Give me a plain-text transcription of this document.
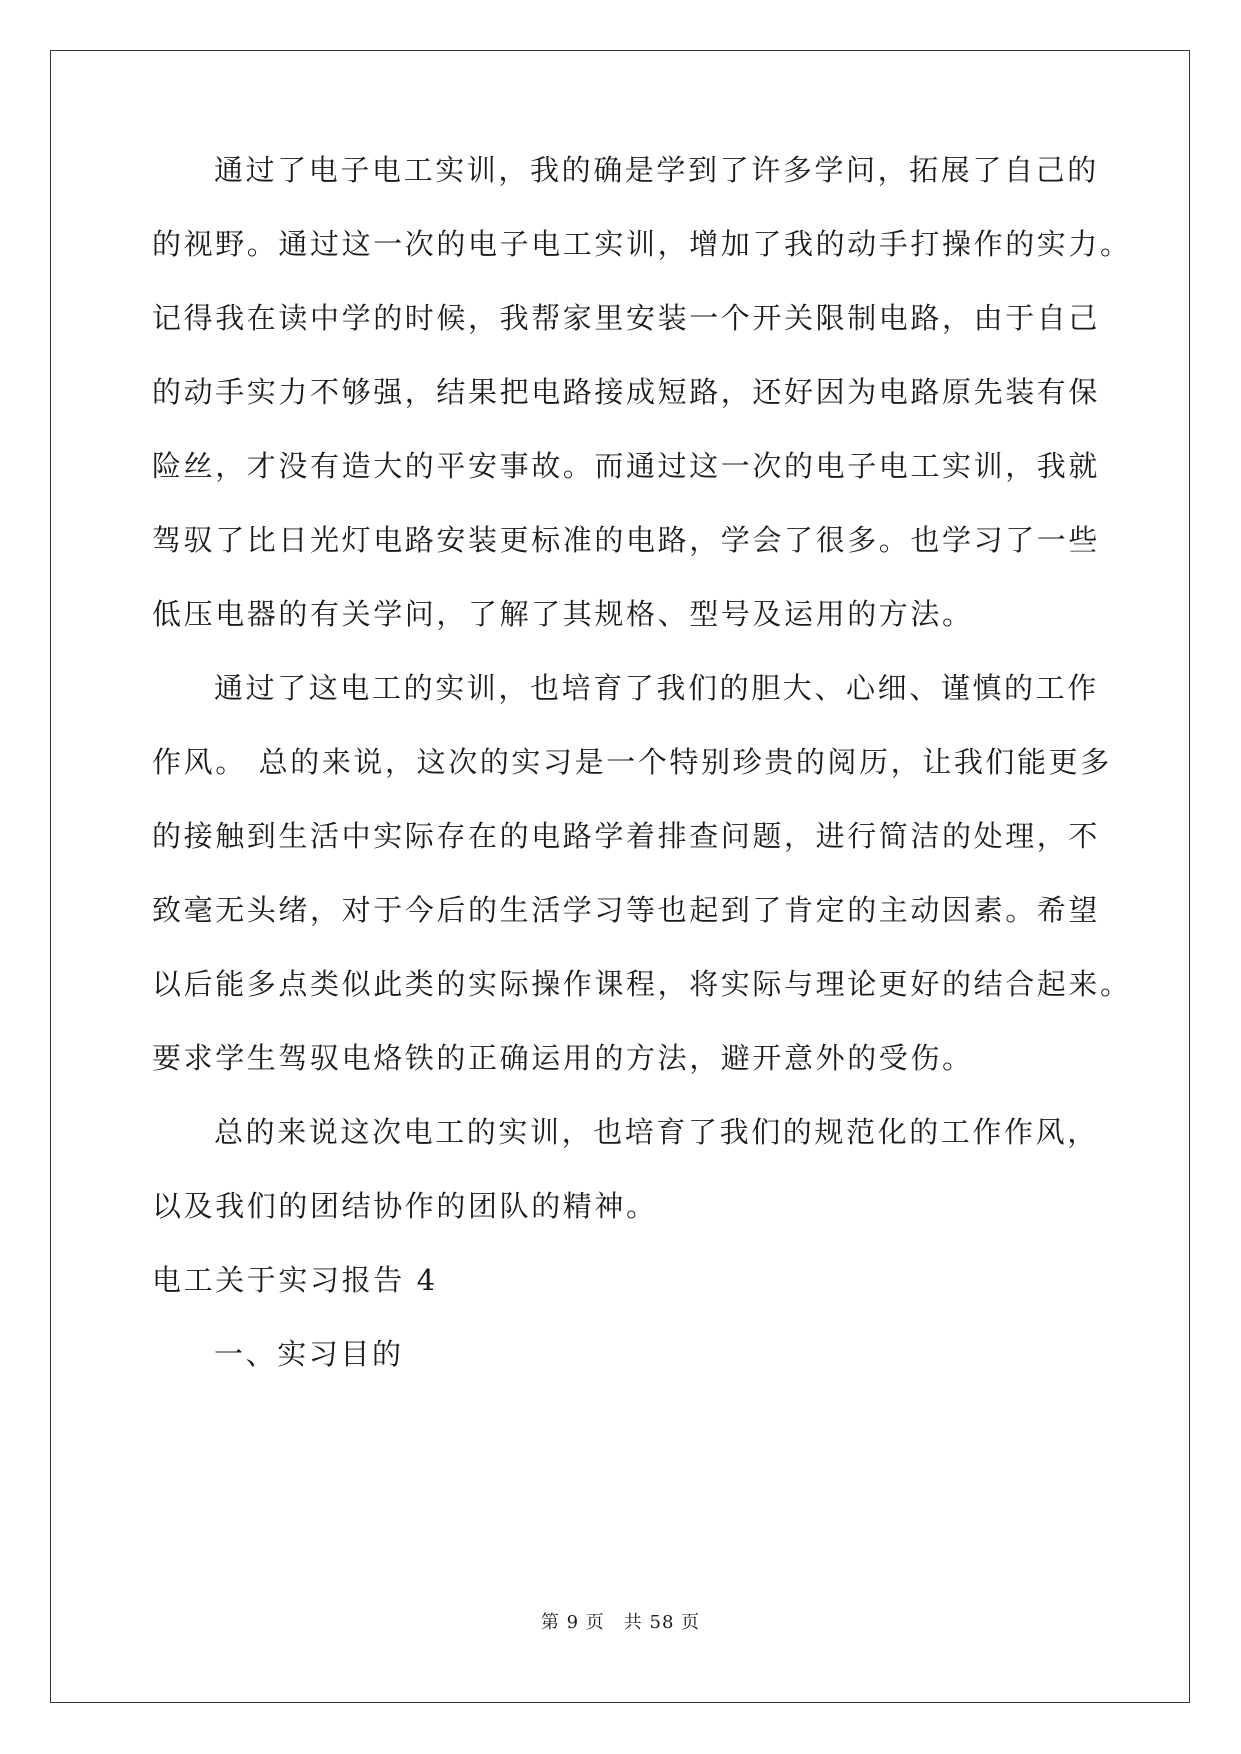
通过了电子电工实训，我的确是学到了许多学问，拓展了自己的
的视野。通过这一次的电子电工实训，增加了我的动手打操作的实力。
记得我在读中学的时候，我帮家里安装一个开关限制电路，由于自己
的动手实力不够强，结果把电路接成短路，还好因为电路原先装有保
险丝，才没有造大的平安事故。而通过这一次的电子电工实训，我就
驾驭了比日光灯电路安装更标准的电路，学会了很多。也学习了一些
低压电器的有关学问，了解了其规格、型号及运用的方法。
通过了这电工的实训，也培育了我们的胆大、心细、谨慎的工作
作风。 总的来说，这次的实习是一个特别珍贵的阅历，让我们能更多
的接触到生活中实际存在的电路学着排查问题，进行简洁的处理，不
致毫无头绪，对于今后的生活学习等也起到了肯定的主动因素。希望
以后能多点类似此类的实际操作课程，将实际与理论更好的结合起来。
要求学生驾驭电烙铁的正确运用的方法，避开意外的受伤。
总的来说这次电工的实训，也培育了我们的规范化的工作作风，
以及我们的团结协作的团队的精神。
电工关于实习报告 4
一、实习目的
第 9 页　共 58 页
